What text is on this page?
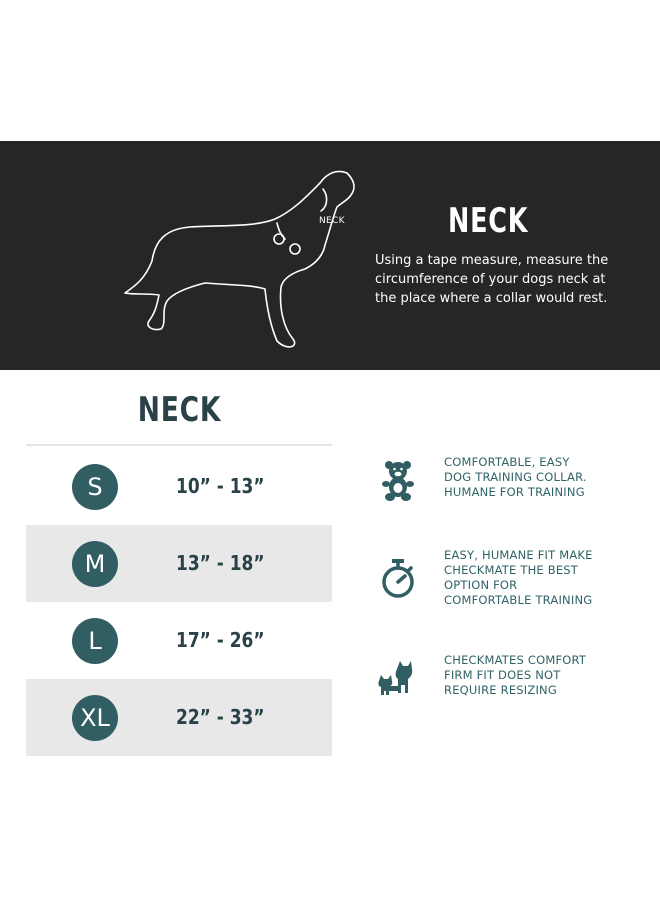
NECK	NECK
Using a tape measure, measure the circumference of your dogs neck at the place where a collar would rest.
NECK
S	10” - 13”
M	13” - 18”
L	17” - 26”
XL	22” - 33”
COMFORTABLE, EASY
DOG TRAINING COLLAR.
HUMANE FOR TRAINING
EASY, HUMANE FIT MAKE
CHECKMATE THE BEST
OPTION FOR
COMFORTABLE TRAINING
CHECKMATES COMFORT
FIRM FIT DOES NOT
REQUIRE RESIZING
